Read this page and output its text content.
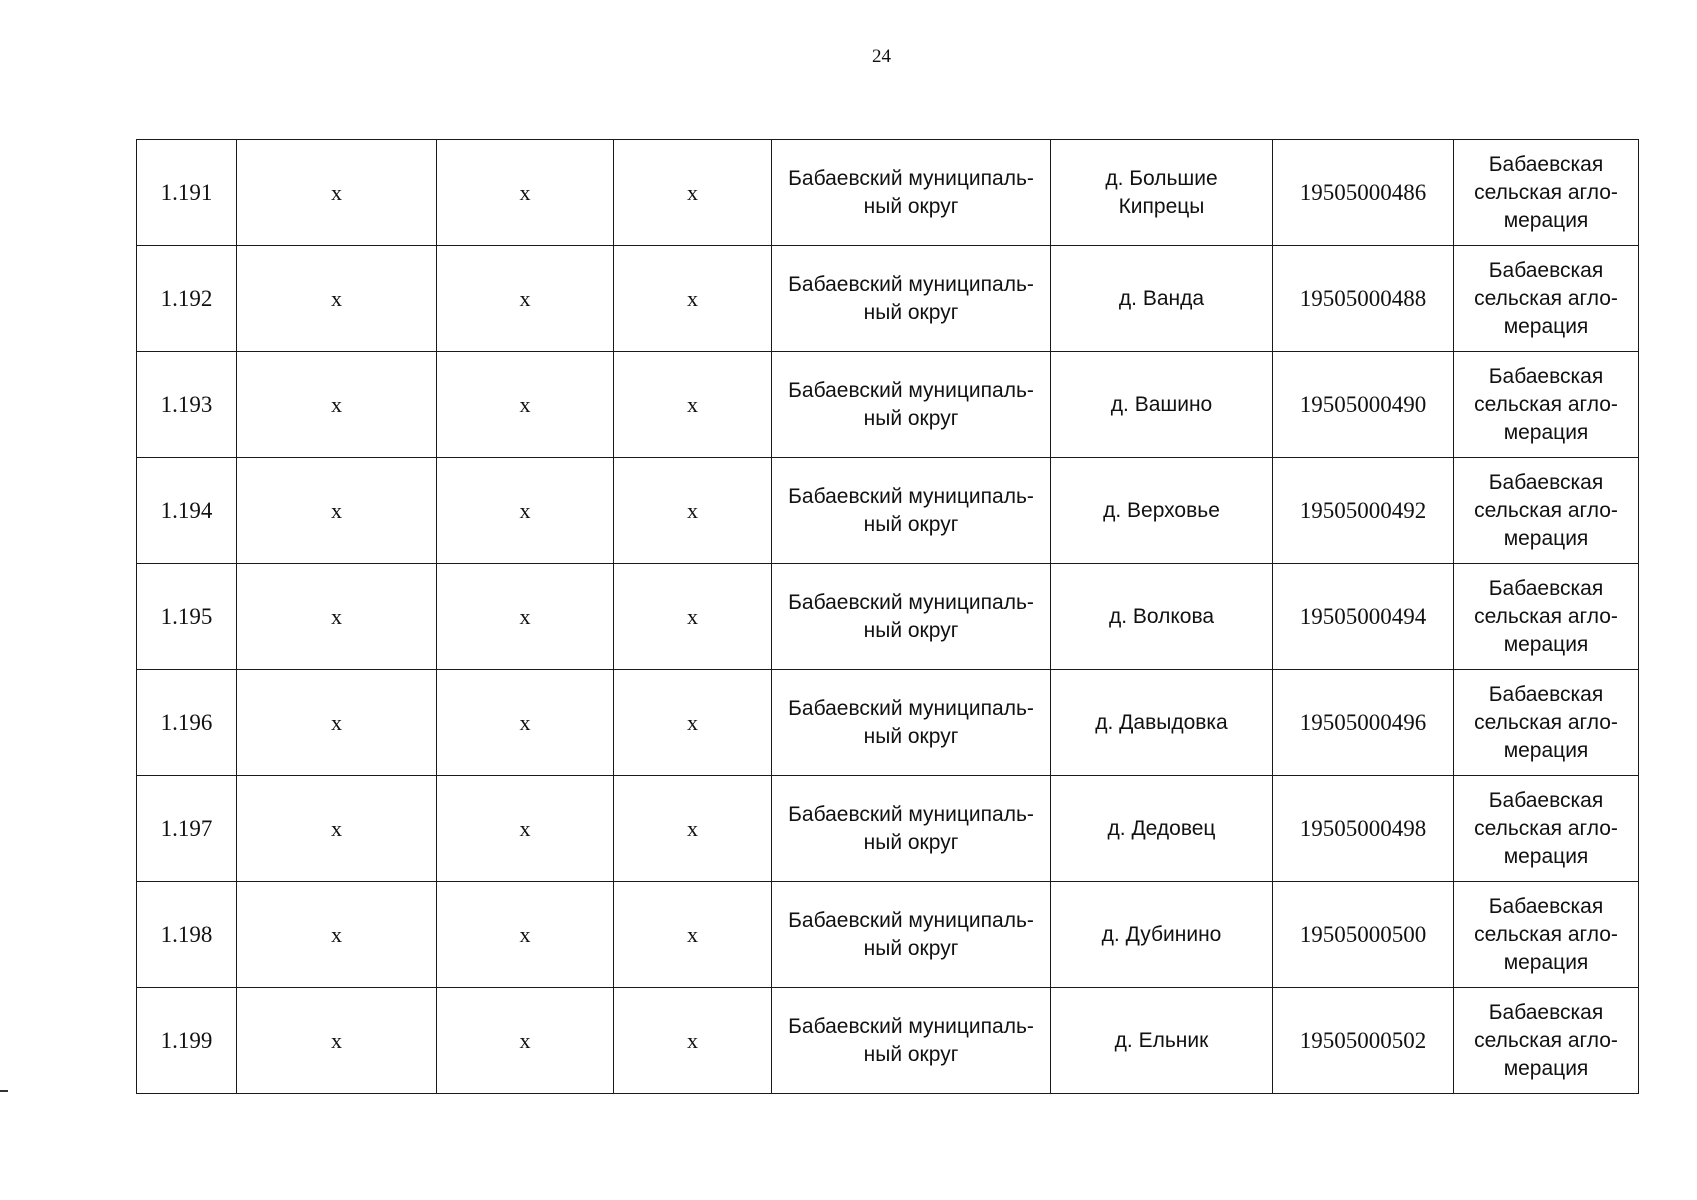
24
1.191	x	x	x	Бабаевский муниципаль-
ный округ	д. Большие
Кипрецы	19505000486	Бабаевская
сельская агло-
мерация
1.192	x	x	x	Бабаевский муниципаль-
ный округ	д. Ванда	19505000488	Бабаевская
сельская агло-
мерация
1.193	x	x	x	Бабаевский муниципаль-
ный округ	д. Вашино	19505000490	Бабаевская
сельская агло-
мерация
1.194	x	x	x	Бабаевский муниципаль-
ный округ	д. Верховье	19505000492	Бабаевская
сельская агло-
мерация
1.195	x	x	x	Бабаевский муниципаль-
ный округ	д. Волкова	19505000494	Бабаевская
сельская агло-
мерация
1.196	x	x	x	Бабаевский муниципаль-
ный округ	д. Давыдовка	19505000496	Бабаевская
сельская агло-
мерация
1.197	x	x	x	Бабаевский муниципаль-
ный округ	д. Дедовец	19505000498	Бабаевская
сельская агло-
мерация
1.198	x	x	x	Бабаевский муниципаль-
ный округ	д. Дубинино	19505000500	Бабаевская
сельская агло-
мерация
1.199	x	x	x	Бабаевский муниципаль-
ный округ	д. Ельник	19505000502	Бабаевская
сельская агло-
мерация
